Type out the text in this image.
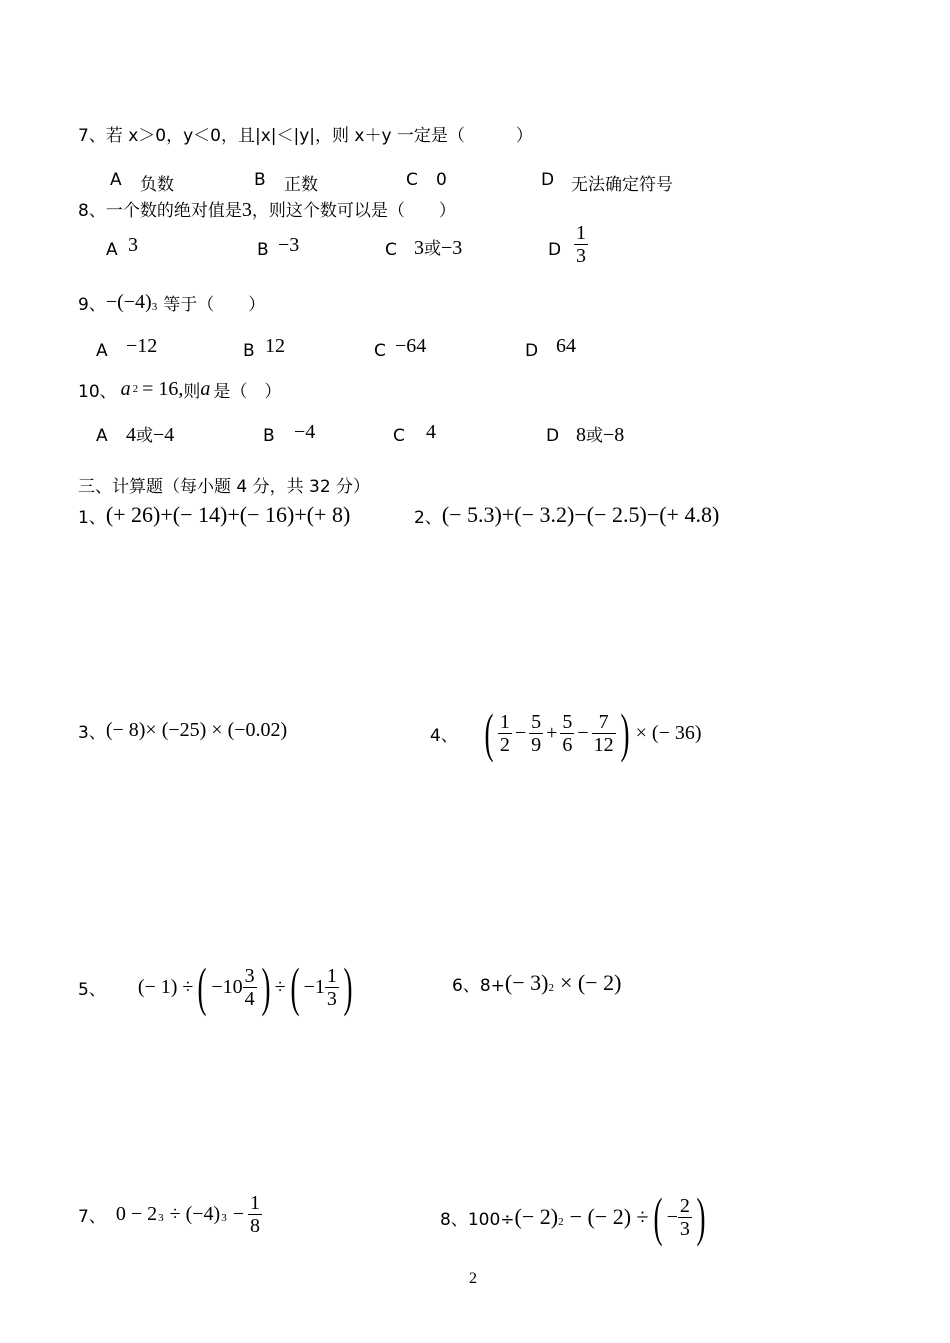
7、若 x＞0，y＜0，且|x|＜|y|，则 x＋y 一定是（　　　）
A 负数	B 正数	C 0	D 无法确定符号
8、一个数的绝对值是 3 ，则这个数可以是（　　）
A 3	B −3	C 3 或 −3	D $\frac{1}{3}$
9、 −(−4) 3 等于（　　）
A −12	B 12	C −64	D 64
10、 a 2 = 16, 则 a 是（　）
A 4 或 −4	B −4	C 4	D 8 或 −8
三、计算题（每小题 4 分，共 32 分）
1、 (+ 26)+(− 14)+(− 16)+(+ 8)	2、 (− 5.3)+(− 3.2)−(− 2.5)−(+ 4.8)
3、 (− 8)× (−25) × (−0.02)	4、 ( $\frac{1}{2} - \frac{5}{9} + \frac{5}{6} - \frac{7}{12}$ ) × (− 36)
5、 (− 1) ÷ ( $-10 \frac{3}{4}$ ) ÷ ( $-1 \frac{1}{3}$ )	6、8+ (− 3) 2 × (− 2)
7、 0 − 2 3 ÷ (−4) $3 - \frac{1}{8}$	8、100÷ (− 2) 2 − (− 2) ÷ ( − $\frac{2}{3}$ )
2
